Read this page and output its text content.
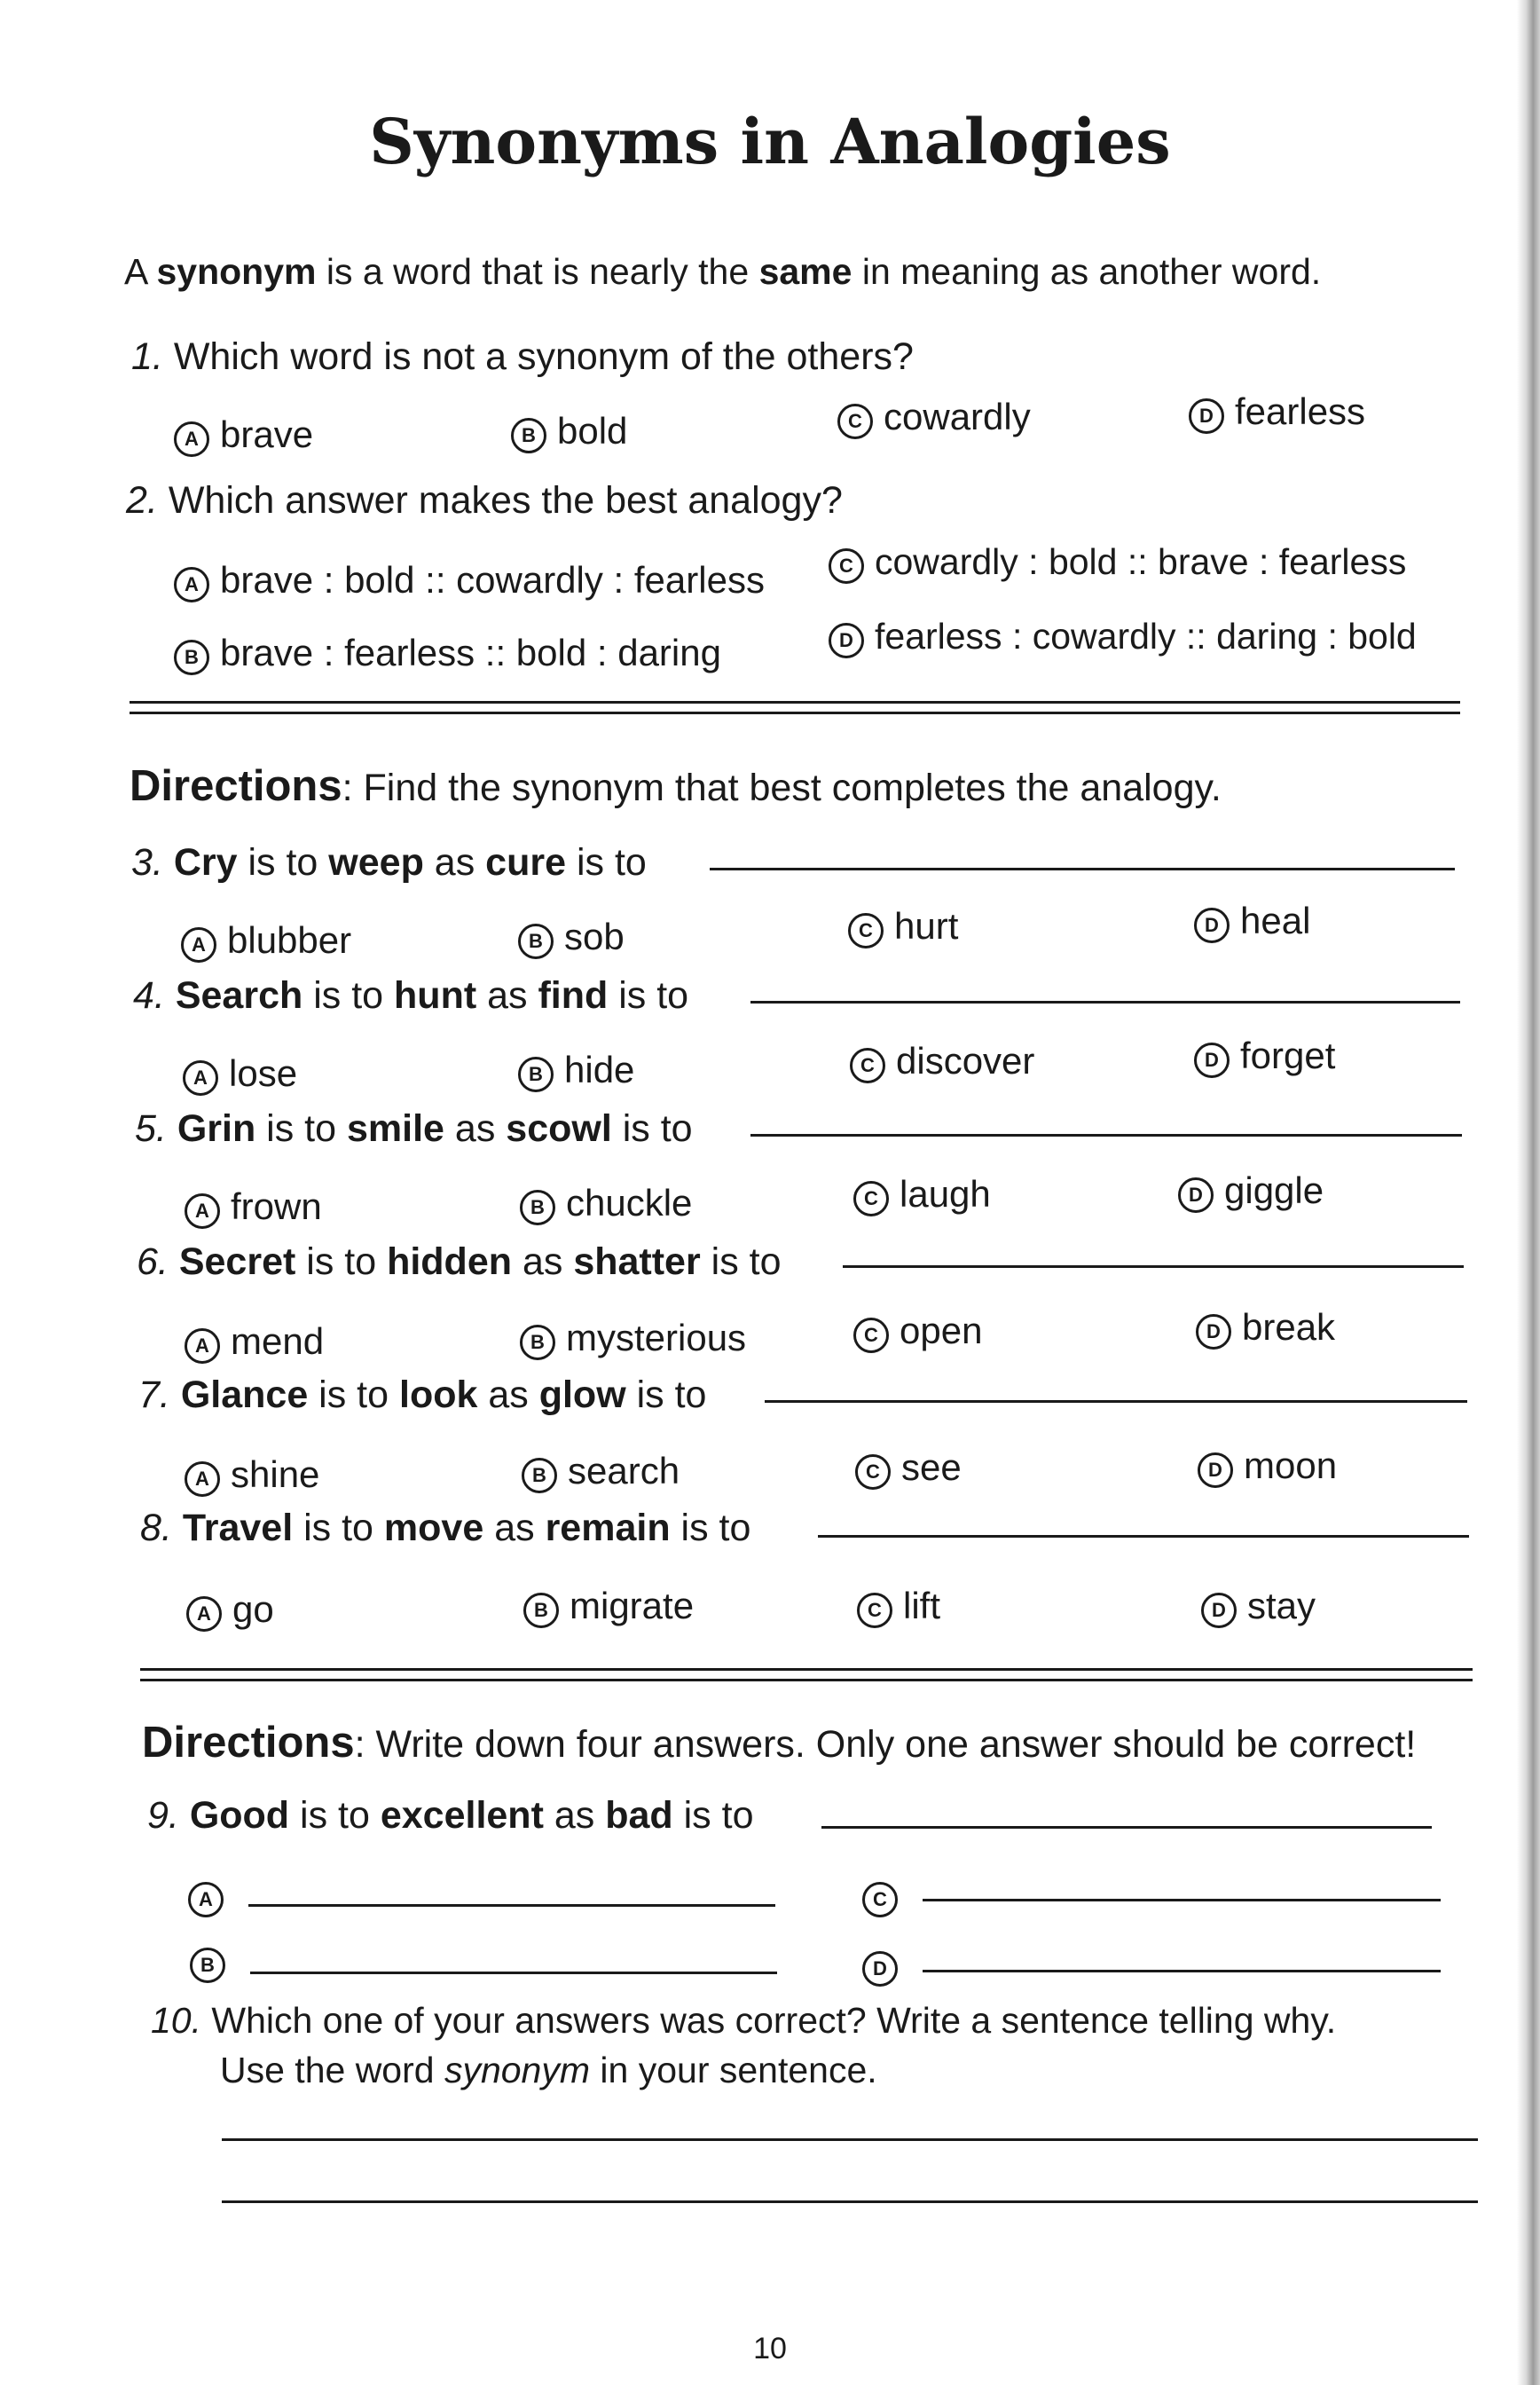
Synonyms in Analogies
A synonym is a word that is nearly the same in meaning as another word.
1. Which word is not a synonym of the others?
A brave	B bold	C cowardly	D fearless
2. Which answer makes the best analogy?
A brave : bold :: cowardly : fearless
B brave : fearless :: bold : daring
C cowardly : bold :: brave : fearless
D fearless : cowardly :: daring : bold
Directions: Find the synonym that best completes the analogy.
3. Cry is to weep as cure is to
A blubber	B sob	C hurt	D heal
4. Search is to hunt as find is to
A lose	B hide	C discover	D forget
5. Grin is to smile as scowl is to
A frown	B chuckle	C laugh	D giggle
6. Secret is to hidden as shatter is to
A mend	B mysterious	C open	D break
7. Glance is to look as glow is to
A shine	B search	C see	D moon
8. Travel is to move as remain is to
A go	B migrate	C lift	D stay
Directions: Write down four answers. Only one answer should be correct!
9. Good is to excellent as bad is to
A	C
B	D
10. Which one of your answers was correct? Write a sentence telling why.
Use the word synonym in your sentence.
10
